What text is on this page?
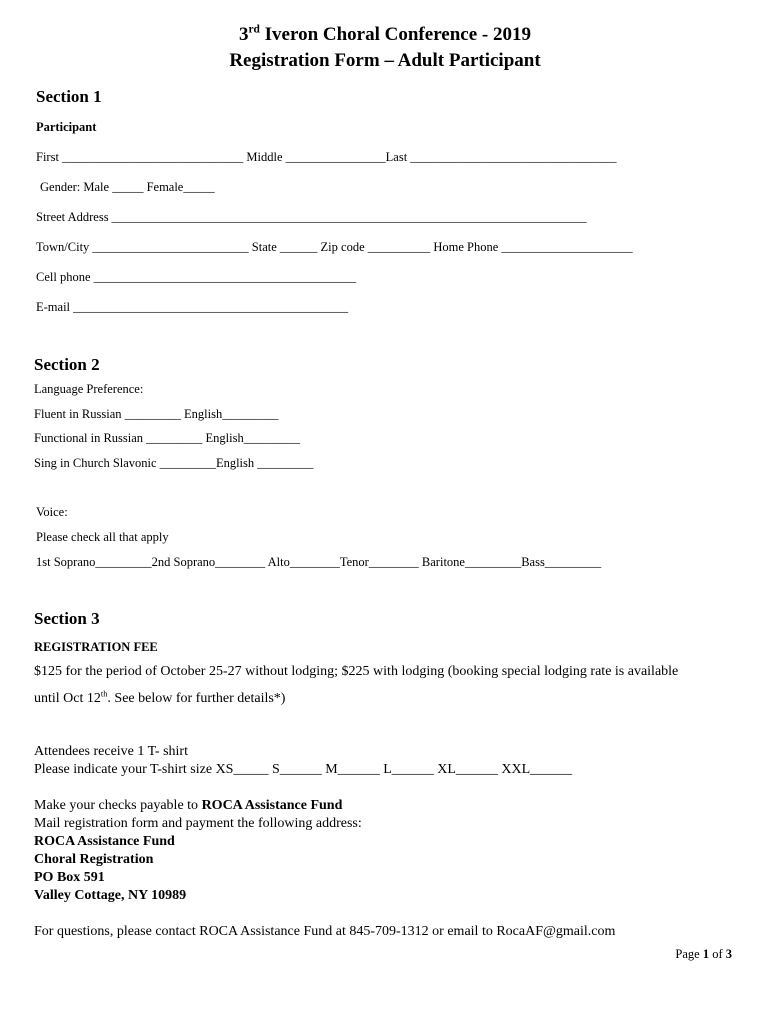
3rd Iveron Choral Conference - 2019
Registration Form – Adult Participant
Section 1
Participant
First _____________________________ Middle ________________Last _________________________________
Gender: Male _____ Female_____
Street Address ____________________________________________________________________________
Town/City _________________________ State ______ Zip code __________ Home Phone _____________________
Cell phone __________________________________________
E-mail ____________________________________________
Section 2
Language Preference:
Fluent in Russian _________ English_________
Functional in Russian _________ English_________
Sing in Church Slavonic _________English _________
Voice:
Please check all that apply
1st Soprano_________2nd Soprano________ Alto________Tenor________ Baritone_________Bass_________
Section 3
REGISTRATION FEE
$125 for the period of October 25-27 without lodging; $225 with lodging (booking special lodging rate is available
until Oct 12th. See below for further details*)
Attendees receive 1 T- shirt
Please indicate your T-shirt size XS_____ S______ M______ L______ XL______ XXL______
Make your checks payable to ROCA Assistance Fund
Mail registration form and payment the following address:
ROCA Assistance Fund
Choral Registration
PO Box 591
Valley Cottage, NY 10989
For questions, please contact ROCA Assistance Fund at 845-709-1312 or email to RocaAF@gmail.com
Page 1 of 3
